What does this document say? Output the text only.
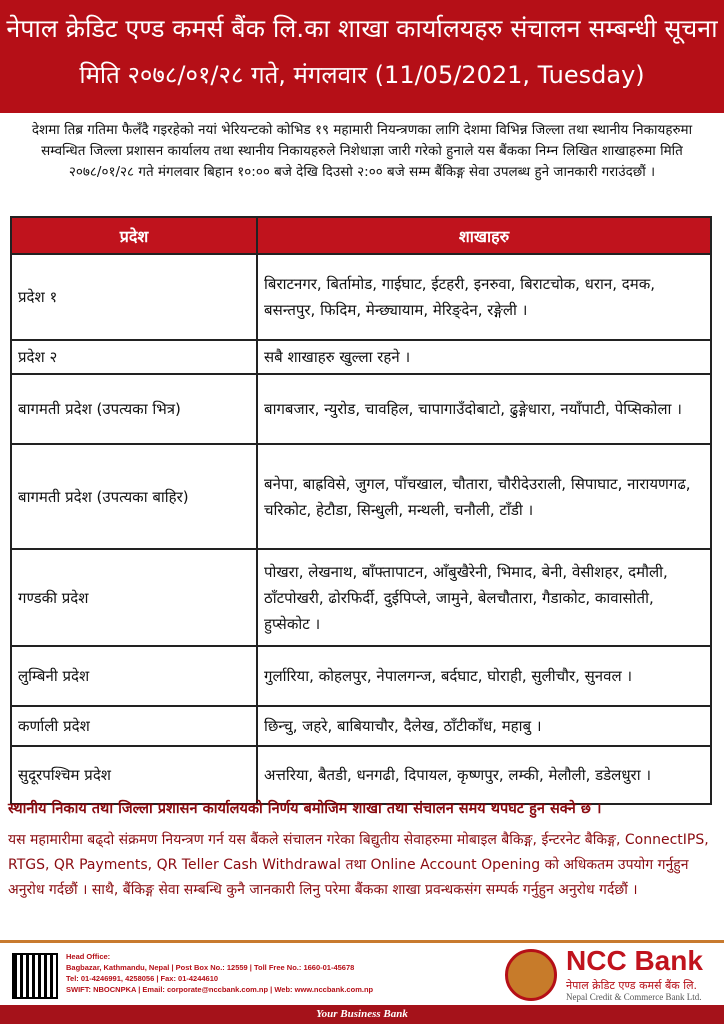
नेपाल क्रेडिट एण्ड कमर्स बैंक लि.का शाखा कार्यालयहरु संचालन सम्बन्धी सूचना
मिति २०७८/०१/२८ गते, मंगलवार (11/05/2021, Tuesday)
देशमा तिब्र गतिमा फैलँदै गइरहेको नयां भेरियन्टको कोभिड १९ महामारी नियन्त्रणका लागि देशमा विभिन्न जिल्ला तथा स्थानीय निकायहरुमा सम्वन्धित जिल्ला प्रशासन कार्यालय तथा स्थानीय निकायहरुले निशेधाज्ञा जारी गरेको हुनाले यस बैंकका निम्न लिखित शाखाहरुमा मिति २०७८/०१/२८ गते मंगलवार बिहान १०:०० बजे देखि दिउसो २:०० बजे सम्म बैंकिङ्ग सेवा उपलब्ध हुने जानकारी गराउंदछौं ।
प्रदेश	शाखाहरु
प्रदेश १	बिराटनगर, बिर्तामोड, गाईघाट, ईटहरी, इनरुवा, बिराटचोक, धरान, दमक, बसन्तपुर, फिदिम, मेन्छ्यायाम, मेरिङ्देन, रङ्गेली ।
प्रदेश २	सबै शाखाहरु खुल्ला रहने ।
बागमती प्रदेश (उपत्यका भित्र)	बागबजार, न्युरोड, चावहिल, चापागाउँदोबाटो, ढुङ्गेधारा, नयाँपाटी, पेप्सिकोला ।
बागमती प्रदेश (उपत्यका बाहिर)	बनेपा, बाह्रविसे, जुगल, पाँचखाल, चौतारा, चौरीदेउराली, सिपाघाट, नारायणगढ, चरिकोट, हेटौडा, सिन्धुली, मन्थली, चनौली, टाँडी ।
गण्डकी प्रदेश	पोखरा, लेखनाथ, बाँफ्तापाटन, आँबुखैरेनी, भिमाद, बेनी, वेसीशहर, दमौली, ठाँटपोखरी, ढोरफिर्दी, दुईपिप्ले, जामुने, बेलचौतारा, गैडाकोट, कावासोती, हुप्सेकोट ।
लुम्बिनी प्रदेश	गुर्लारिया, कोहलपुर, नेपालगन्ज, बर्दघाट, घोराही, सुलीचौर, सुनवल ।
कर्णाली प्रदेश	छिन्चु, जहरे, बाबियाचौर, दैलेख, ठाँटीकाँध, महाबु ।
सुदूरपश्चिम प्रदेश	अत्तरिया, बैतडी, धनगढी, दिपायल, कृष्णपुर, लम्की, मेलौली, डडेलधुरा ।
स्थानीय निकाय तथा जिल्ला प्रशासन कार्यालयको निर्णय बमोजिम शाखा तथा संचालन समय थपघट हुन सक्ने छ ।
यस महामारीमा बढ्दो संक्रमण नियन्त्रण गर्न यस बैंकले संचालन गरेका बिद्युतीय सेवाहरुमा मोबाइल बैकिङ्ग, ईन्टरनेट बैकिङ्ग, ConnectIPS, RTGS, QR Payments, QR Teller Cash Withdrawal तथा Online Account Opening को अधिकतम उपयोग गर्नुहुन अनुरोध गर्दछौं । साथै, बैंकिङ्ग सेवा सम्बन्धि कुनै जानकारी लिनु परेमा बैंकका शाखा प्रवन्धकसंग सम्पर्क गर्नुहुन अनुरोध गर्दछौं ।
Head Office:
Bagbazar, Kathmandu, Nepal | Post Box No.: 12559 | Toll Free No.: 1660-01-45678
Tel: 01-4246991, 4258056 | Fax: 01-4244610
SWIFT: NBOCNPKA | Email: corporate@nccbank.com.np | Web: www.nccbank.com.np
NCC Bank
नेपाल क्रेडिट एण्ड कमर्स बैंक लि.
Nepal Credit & Commerce Bank Ltd.
Your Business Bank
